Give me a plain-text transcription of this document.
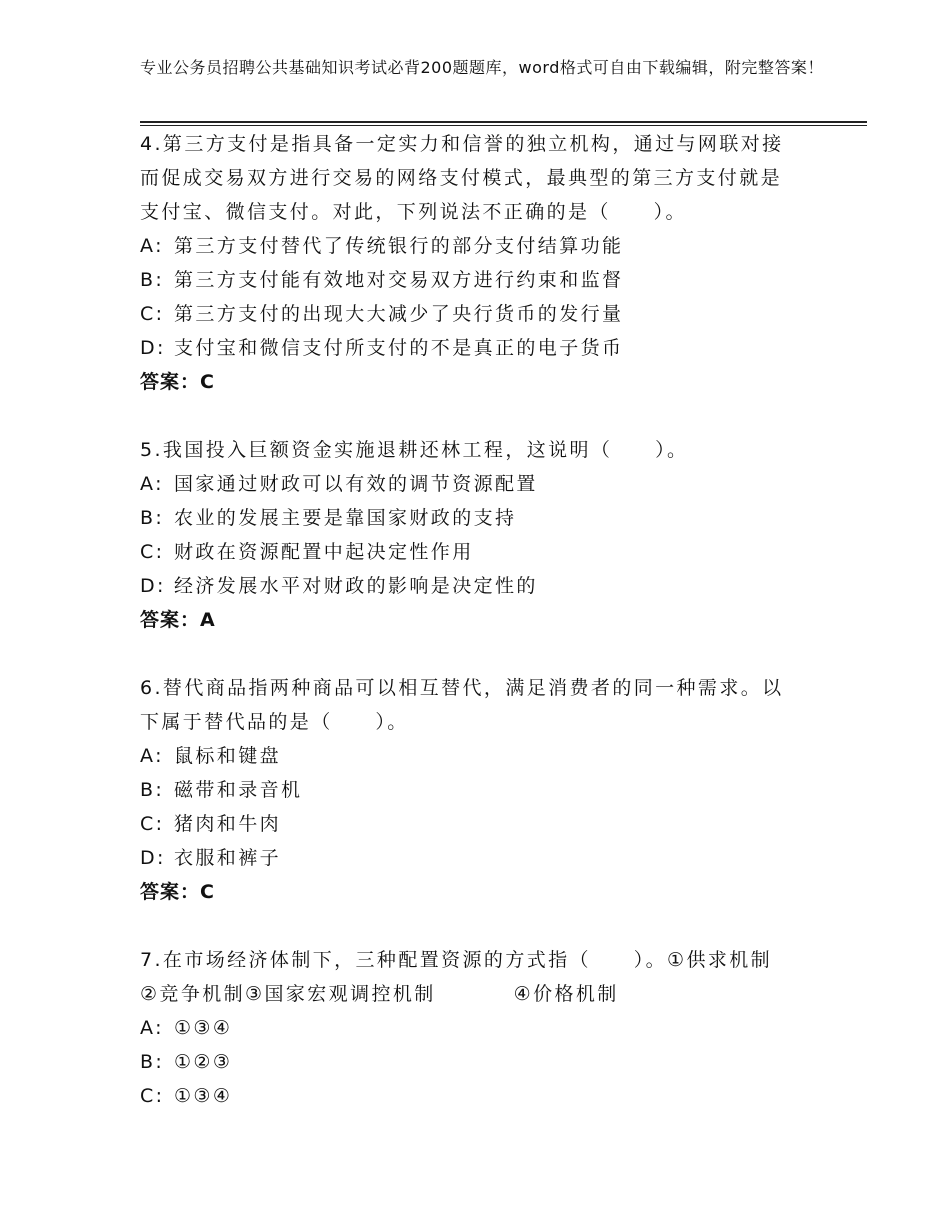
专业公务员招聘公共基础知识考试必背200题题库，word格式可自由下载编辑，附完整答案！

4.第三方支付是指具备一定实力和信誉的独立机构，通过与网联对接而促成交易双方进行交易的网络支付模式，最典型的第三方支付就是支付宝、微信支付。对此，下列说法不正确的是（　　）。

A: 第三方支付替代了传统银行的部分支付结算功能

B: 第三方支付能有效地对交易双方进行约束和监督

C: 第三方支付的出现大大减少了央行货币的发行量

D: 支付宝和微信支付所支付的不是真正的电子货币

答案：C

5.我国投入巨额资金实施退耕还林工程，这说明（　　）。

A: 国家通过财政可以有效的调节资源配置

B: 农业的发展主要是靠国家财政的支持

C: 财政在资源配置中起决定性作用

D: 经济发展水平对财政的影响是决定性的

答案：A

6.替代商品指两种商品可以相互替代，满足消费者的同一种需求。以下属于替代品的是（　　）。

A: 鼠标和键盘

B: 磁带和录音机

C: 猪肉和牛肉

D: 衣服和裤子

答案：C

7.在市场经济体制下，三种配置资源的方式指（　　）。①供求机制
②竞争机制③国家宏观调控机制	④价格机制

A: ①③④

B: ①②③

C: ①③④
